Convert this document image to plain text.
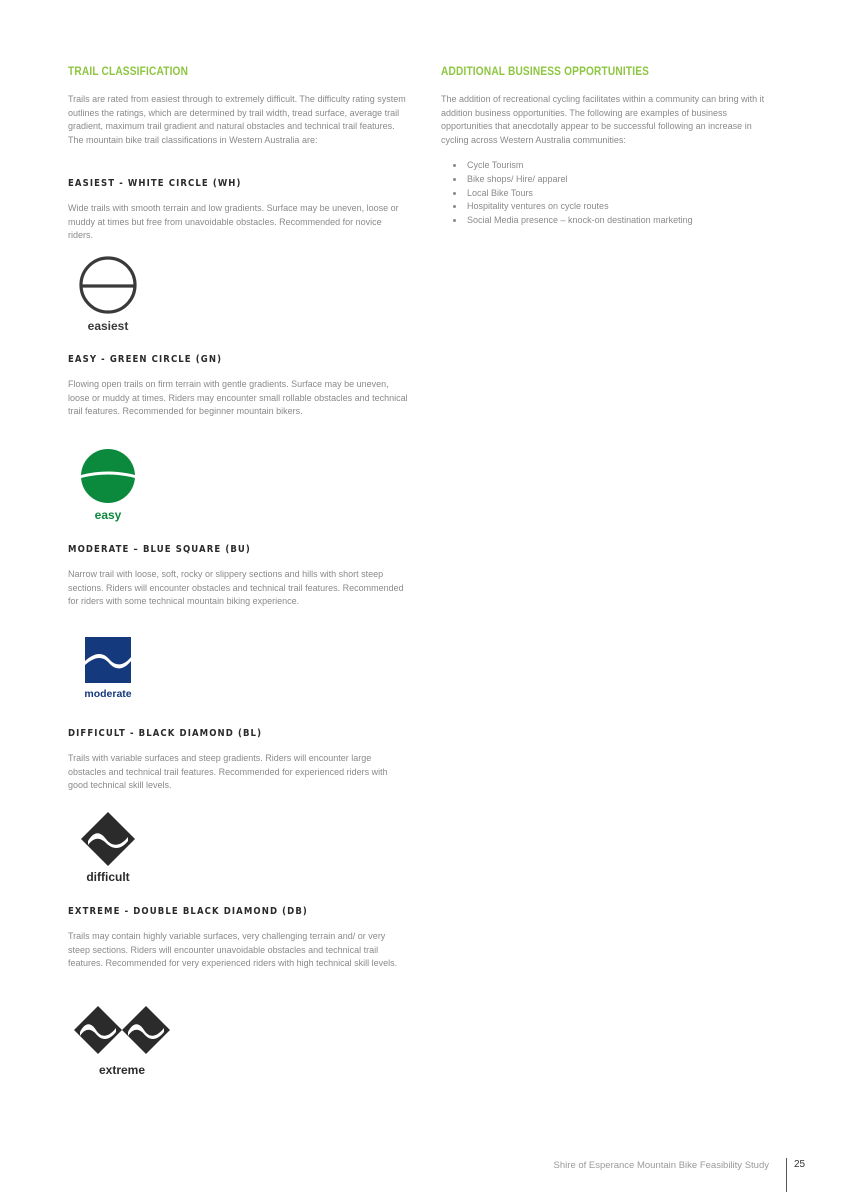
TRAIL CLASSIFICATION

Trails are rated from easiest through to extremely difficult. The difficulty rating system outlines the ratings, which are determined by trail width, tread surface, average trail gradient, maximum trail gradient and natural obstacles and technical trail features. The mountain bike trail classifications in Western Australia are:

EASIEST - WHITE CIRCLE (WH)

Wide trails with smooth terrain and low gradients. Surface may be uneven, loose or muddy at times but free from unavoidable obstacles. Recommended for novice riders.

easiest
EASY - GREEN CIRCLE (GN)

Flowing open trails on firm terrain with gentle gradients. Surface may be uneven, loose or muddy at times. Riders may encounter small rollable obstacles and technical trail features. Recommended for beginner mountain bikers.

easy
MODERATE – BLUE SQUARE (BU)

Narrow trail with loose, soft, rocky or slippery sections and hills with short steep sections. Riders will encounter obstacles and technical trail features. Recommended for riders with some technical mountain biking experience.

moderate
DIFFICULT - BLACK DIAMOND (BL)

Trails with variable surfaces and steep gradients. Riders will encounter large obstacles and technical trail features. Recommended for experienced riders with good technical skill levels.

difficult
EXTREME - DOUBLE BLACK DIAMOND (DB)

Trails may contain highly variable surfaces, very challenging terrain and/ or very steep sections. Riders will encounter unavoidable obstacles and technical trail features. Recommended for very experienced riders with high technical skill levels.

extreme
ADDITIONAL BUSINESS OPPORTUNITIES

The addition of recreational cycling facilitates within a community can bring with it addition business opportunities. The following are examples of business opportunities that anecdotally appear to be successful following an increase in cycling across Western Australia communities:

• Cycle Tourism
• Bike shops/ Hire/ apparel
• Local Bike Tours
• Hospitality ventures on cycle routes
• Social Media presence – knock-on destination marketing
Shire of Esperance Mountain Bike Feasibility Study	25
